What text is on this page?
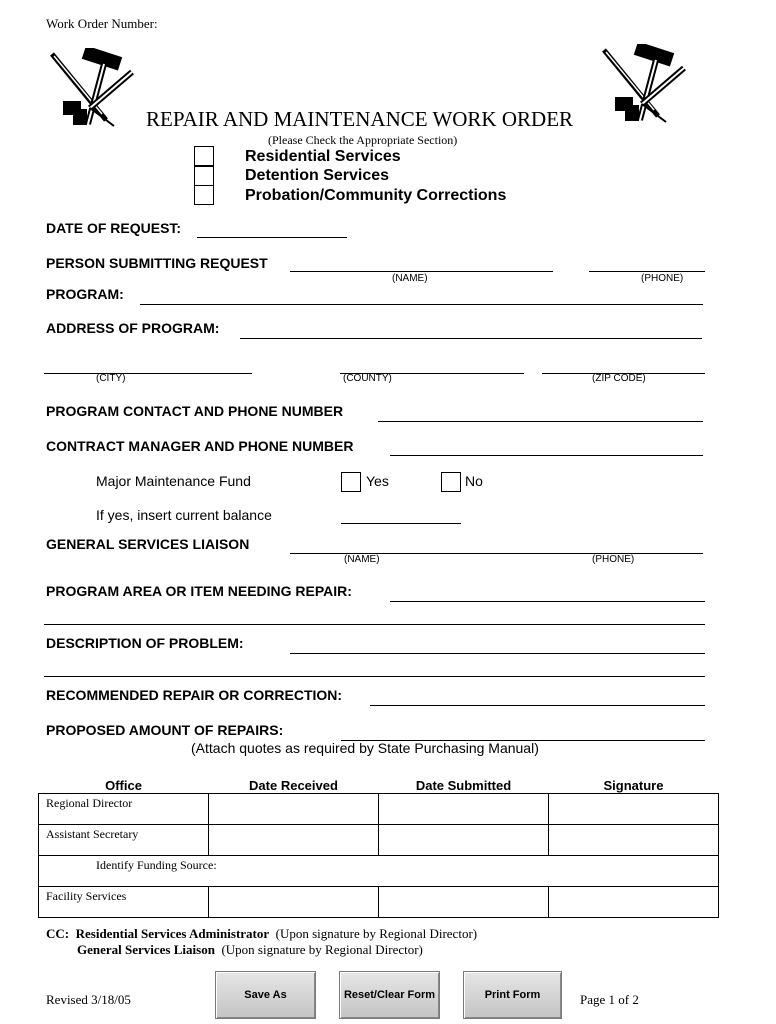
Work Order Number:
REPAIR AND MAINTENANCE WORK ORDER
(Please Check the Appropriate Section)
Residential Services
Detention Services
Probation/Community Corrections
DATE OF REQUEST:
PERSON SUBMITTING REQUEST
(NAME)	(PHONE)
PROGRAM:
ADDRESS OF PROGRAM:
(CITY)	(COUNTY)	(ZIP CODE)
PROGRAM CONTACT AND PHONE NUMBER
CONTRACT MANAGER AND PHONE NUMBER
Major Maintenance Fund	Yes	No
If yes, insert current balance
GENERAL SERVICES LIAISON
(NAME)	(PHONE)
PROGRAM AREA OR ITEM NEEDING REPAIR:
DESCRIPTION OF PROBLEM:
RECOMMENDED REPAIR OR CORRECTION:
PROPOSED AMOUNT OF REPAIRS:
(Attach quotes as required by State Purchasing Manual)
Office	Date Received	Date Submitted	Signature
Regional Director			
Assistant Secretary			
Identify Funding Source:			
Facility Services			
CC: Residential Services Administrator (Upon signature by Regional Director)
General Services Liaison (Upon signature by Regional Director)
Revised 3/18/05	Save As	Reset/Clear Form	Print Form	Page 1 of 2
